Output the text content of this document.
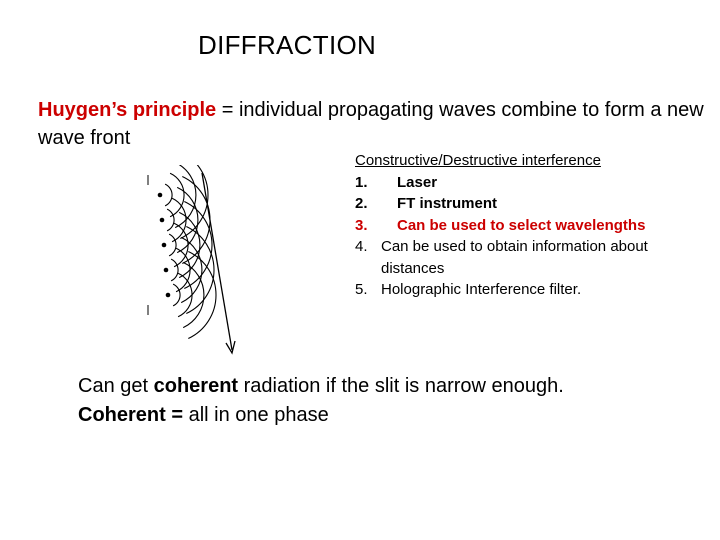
DIFFRACTION
Huygen’s principle = individual propagating waves combine to form a new wave front
Constructive/Destructive interference
1.	Laser
2.	FT instrument
3.	Can be used to select wavelengths
4. Can be used to obtain information about distances
5. Holographic Interference filter.
Can get coherent radiation if the slit is narrow enough.
Coherent = all in one phase
